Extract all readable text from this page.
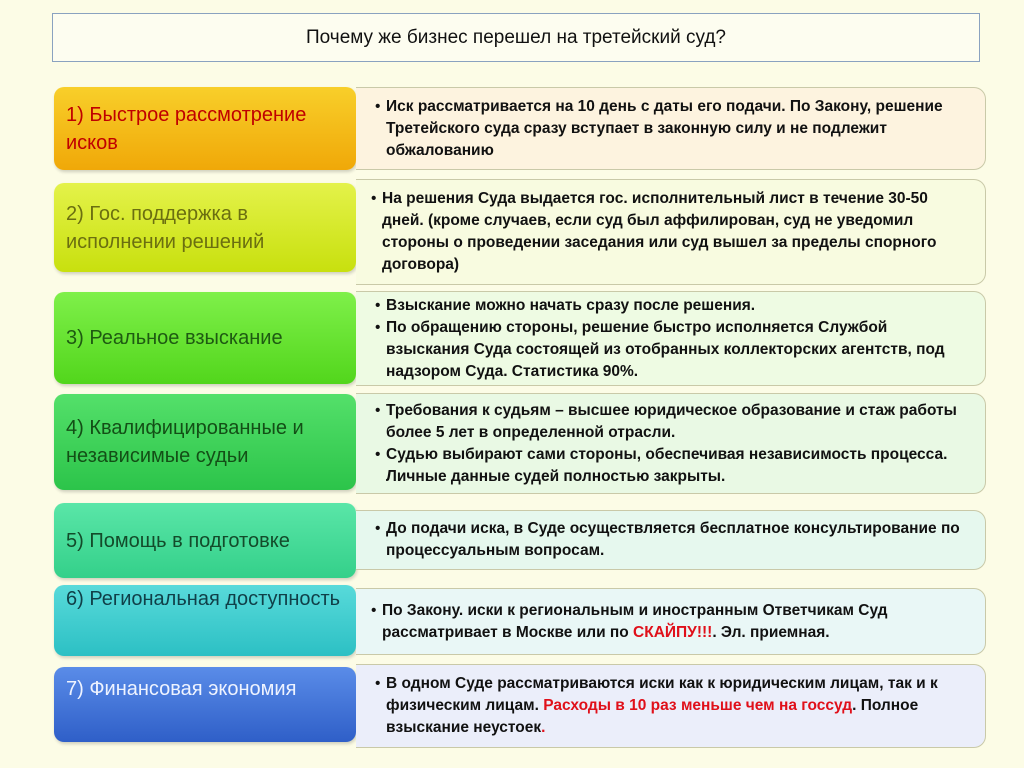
Почему же бизнес перешел на третейский суд?
1) Быстрое рассмотрение исков

• Иск рассматривается на 10 день с даты его подачи. По Закону, решение Третейского суда сразу вступает в законную силу и не подлежит обжалованию

2) Гос. поддержка в исполнении решений

• На решения Суда выдается гос. исполнительный лист в течение 30-50 дней. (кроме случаев, если суд был аффилирован, суд не уведомил стороны о проведении заседания или суд вышел за пределы спорного договора)

3) Реальное взыскание

• Взыскание можно начать сразу после решения.

• По обращению стороны, решение быстро исполняется Службой взыскания Суда состоящей из отобранных коллекторских агентств, под надзором Суда. Статистика 90%.

4) Квалифицированные и независимые судьи

• Требования к судьям – высшее юридическое образование и стаж работы более 5 лет в определенной отрасли.

• Судью выбирают сами стороны, обеспечивая независимость процесса. Личные данные судей полностью закрыты.

5) Помощь в подготовке

• До подачи иска, в Суде осуществляется бесплатное консультирование по процессуальным вопросам.

6) Региональная доступность	• По Закону. иски к региональным и иностранным Ответчикам Суд рассматривает в Москве или по СКАЙПУ!!!. Эл. приемная.

7) Финансовая экономия	• В одном Суде рассматриваются иски как к юридическим лицам, так и к физическим лицам. Расходы в 10 раз меньше чем на госсуд. Полное взыскание неустоек.
